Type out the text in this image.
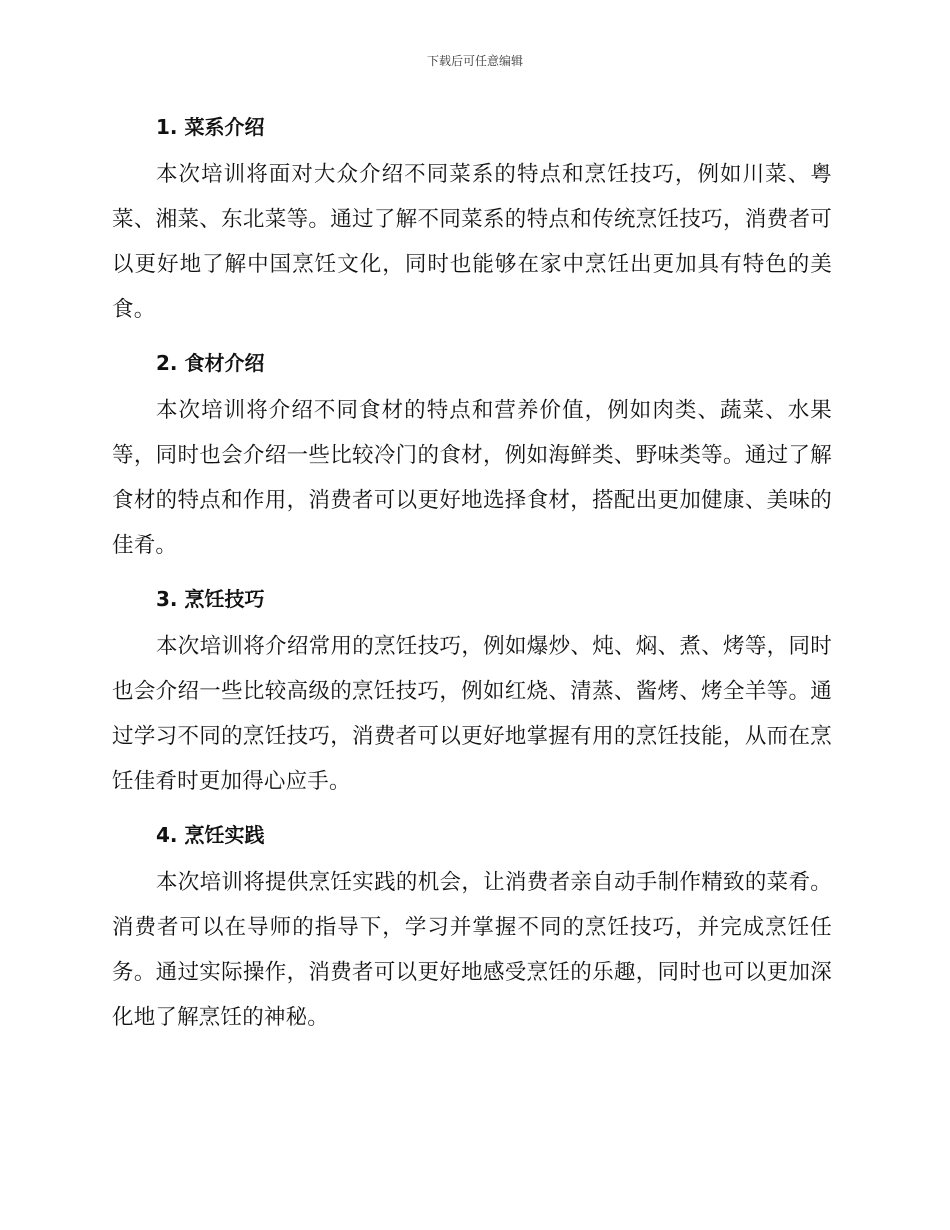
下载后可任意编辑
1. 菜系介绍

本次培训将面对大众介绍不同菜系的特点和烹饪技巧，例如川菜、粤菜、湘菜、东北菜等。通过了解不同菜系的特点和传统烹饪技巧，消费者可以更好地了解中国烹饪文化，同时也能够在家中烹饪出更加具有特色的美食。

2. 食材介绍

本次培训将介绍不同食材的特点和营养价值，例如肉类、蔬菜、水果等，同时也会介绍一些比较冷门的食材，例如海鲜类、野味类等。通过了解食材的特点和作用，消费者可以更好地选择食材，搭配出更加健康、美味的佳肴。

3. 烹饪技巧

本次培训将介绍常用的烹饪技巧，例如爆炒、炖、焖、煮、烤等，同时也会介绍一些比较高级的烹饪技巧，例如红烧、清蒸、酱烤、烤全羊等。通过学习不同的烹饪技巧，消费者可以更好地掌握有用的烹饪技能，从而在烹饪佳肴时更加得心应手。

4. 烹饪实践

本次培训将提供烹饪实践的机会，让消费者亲自动手制作精致的菜肴。消费者可以在导师的指导下，学习并掌握不同的烹饪技巧，并完成烹饪任务。通过实际操作，消费者可以更好地感受烹饪的乐趣，同时也可以更加深化地了解烹饪的神秘。
